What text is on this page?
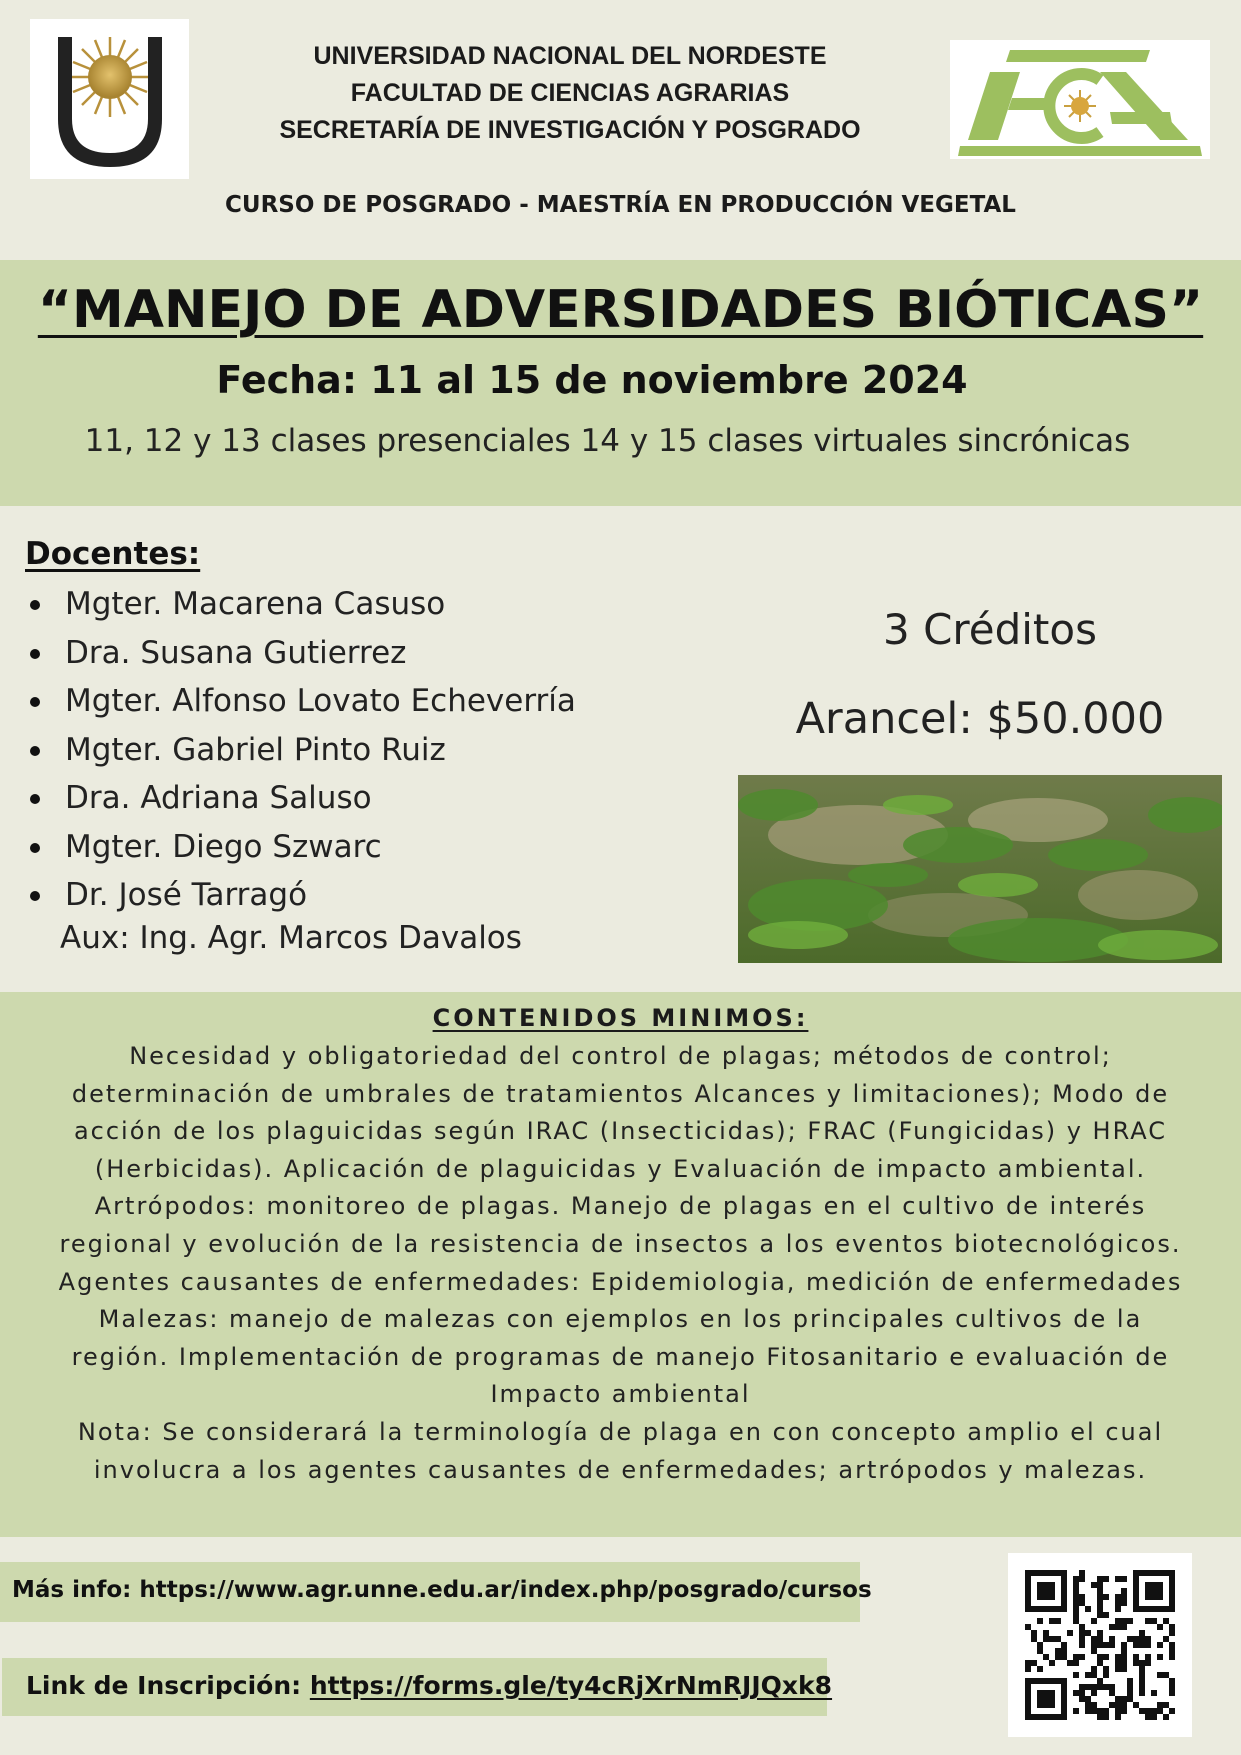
UNIVERSIDAD NACIONAL DEL NORDESTE
FACULTAD DE CIENCIAS AGRARIAS
SECRETARÍA DE INVESTIGACIÓN Y POSGRADO
CURSO DE POSGRADO - MAESTRÍA EN PRODUCCIÓN VEGETAL
“MANEJO DE ADVERSIDADES BIÓTICAS”
Fecha: 11 al 15 de noviembre 2024
11, 12 y 13 clases presenciales 14 y 15 clases virtuales sincrónicas
Docentes:
Mgter. Macarena Casuso
Dra. Susana Gutierrez
Mgter. Alfonso Lovato Echeverría
Mgter. Gabriel Pinto Ruiz
Dra. Adriana Saluso
Mgter. Diego Szwarc
Dr. José Tarragó
Aux: Ing. Agr. Marcos Davalos
3 Créditos
Arancel: $50.000
CONTENIDOS MINIMOS:
Necesidad y obligatoriedad del control de plagas; métodos de control;
determinación de umbrales de tratamientos Alcances y limitaciones); Modo de
acción de los plaguicidas según IRAC (Insecticidas); FRAC (Fungicidas) y HRAC
(Herbicidas). Aplicación de plaguicidas y Evaluación de impacto ambiental.
Artrópodos: monitoreo de plagas. Manejo de plagas en el cultivo de interés
regional y evolución de la resistencia de insectos a los eventos biotecnológicos.
Agentes causantes de enfermedades: Epidemiologia, medición de enfermedades
Malezas: manejo de malezas con ejemplos en los principales cultivos de la
región. Implementación de programas de manejo Fitosanitario e evaluación de
Impacto ambiental
Nota: Se considerará la terminología de plaga en con concepto amplio el cual
involucra a los agentes causantes de enfermedades; artrópodos y malezas.
Más info: https://www.agr.unne.edu.ar/index.php/posgrado/cursos
Link de Inscripción: https://forms.gle/ty4cRjXrNmRJJQxk8
